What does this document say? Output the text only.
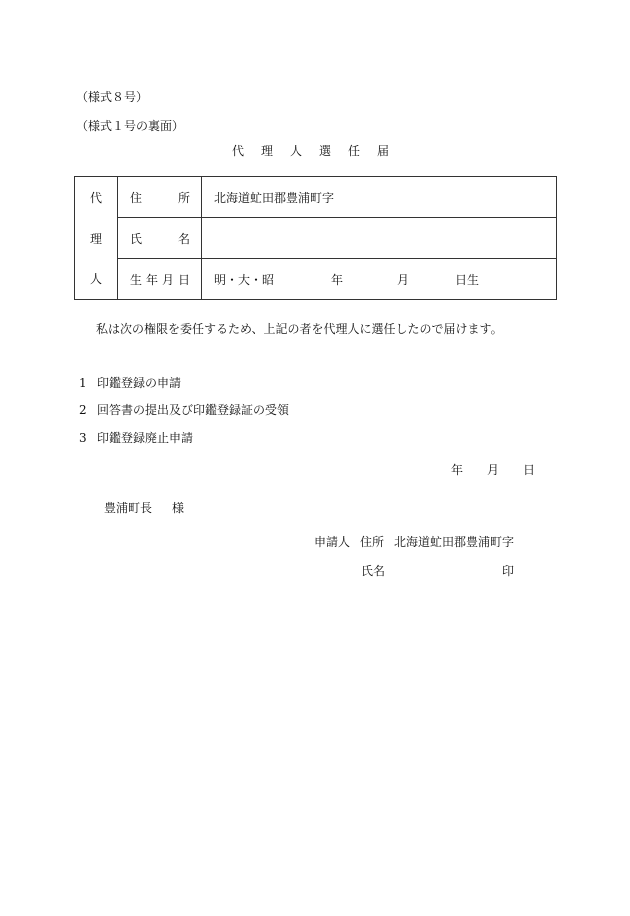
（様式８号）
（様式１号の裏面）
代理人選任届
代	住所	北海道虻田郡豊浦町字
理	氏名	
人	生年月日	明・大・昭 年 月 日生
私は次の権限を委任するため、上記の者を代理人に選任したので届けます。
1 印鑑登録の申請
2 回答書の提出及び印鑑登録証の受領
3 印鑑登録廃止申請
年 月 日
豊浦町長 様
申請人 住所 北海道虻田郡豊浦町字
氏名	印
